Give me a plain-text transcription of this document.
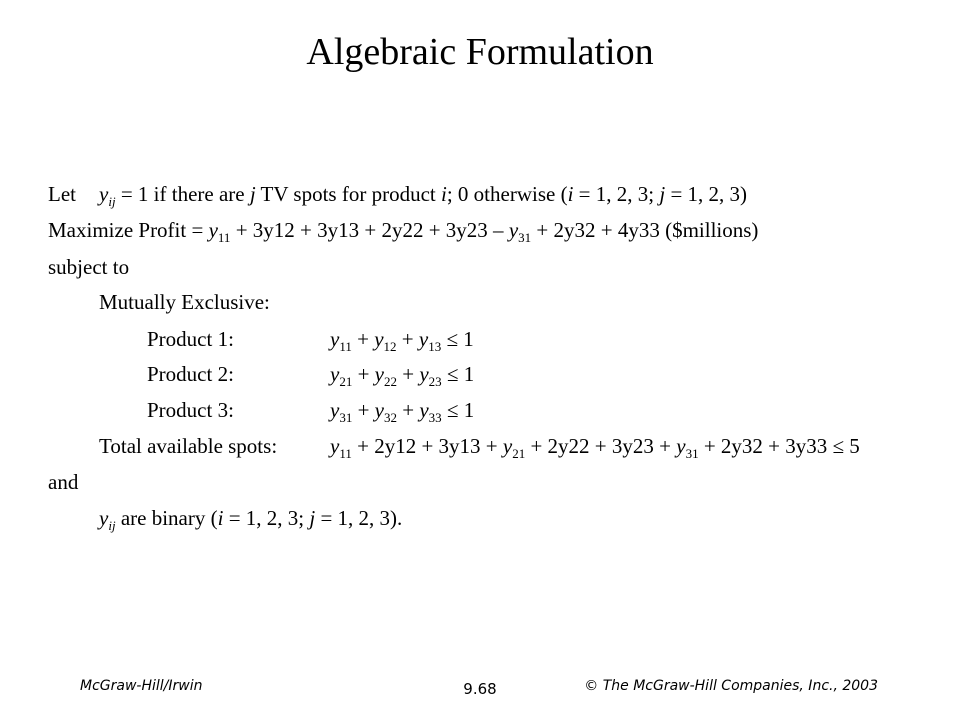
Algebraic Formulation
Let $y_{ij} = 1$ if there are j TV spots for product i; 0 otherwise (i = 1, 2, 3; j = 1, 2, 3)
Maximize Profit = $y_{11} + 3y12 + 3y13 + 2y22 + 3y23 - y_{31} + 2y32 + 4y33$ ($millions)
subject to
Mutually Exclusive:
Product 1:	$y_{11} + y_{12} + y_{13} \le 1$
Product 2:	$y_{21} + y_{22} + y_{23} \le 1$
Product 3:	$y_{31} + y_{32} + y_{33} \le 1$
Total available spots:	$y_{11} + 2y12 + 3y13 + y_{21} + 2y22 + 3y23 + y_{31} + 2y32 + 3y33 \le 5$
and
$y_{ij}$ are binary (i = 1, 2, 3; j = 1, 2, 3).
McGraw-Hill/Irwin	9.68	© The McGraw-Hill Companies, Inc., 2003
